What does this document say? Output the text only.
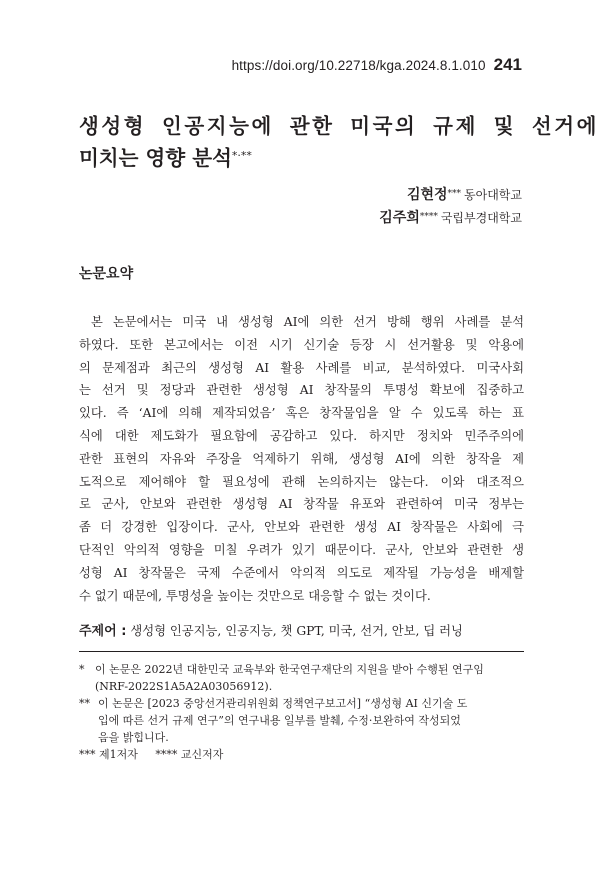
https://doi.org/10.22718/kga.2024.8.1.010 241
생성형 인공지능에 관한 미국의 규제 및 선거에
미치는 영향 분석*·**
김현정*** 동아대학교
김주희**** 국립부경대학교
논문요약
본 논문에서는 미국 내 생성형 AI에 의한 선거 방해 행위 사례를 분석
하였다. 또한 본고에서는 이전 시기 신기술 등장 시 선거활용 및 악용에
의 문제점과 최근의 생성형 AI 활용 사례를 비교, 분석하였다. 미국사회
는 선거 및 정당과 관련한 생성형 AI 창작물의 투명성 확보에 집중하고
있다. 즉 ‘AI에 의해 제작되었음’ 혹은 창작물임을 알 수 있도록 하는 표
식에 대한 제도화가 필요함에 공감하고 있다. 하지만 정치와 민주주의에
관한 표현의 자유와 주장을 억제하기 위해, 생성형 AI에 의한 창작을 제
도적으로 제어해야 할 필요성에 관해 논의하지는 않는다. 이와 대조적으
로 군사, 안보와 관련한 생성형 AI 창작물 유포와 관련하여 미국 정부는
좀 더 강경한 입장이다. 군사, 안보와 관련한 생성 AI 창작물은 사회에 극
단적인 악의적 영향을 미칠 우려가 있기 때문이다. 군사, 안보와 관련한 생
성형 AI 창작물은 국제 수준에서 악의적 의도로 제작될 가능성을 배제할
수 없기 때문에, 투명성을 높이는 것만으로 대응할 수 없는 것이다.
주제어 : 생성형 인공지능, 인공지능, 챗 GPT, 미국, 선거, 안보, 딥 러닝
* 이 논문은 2022년 대한민국 교육부와 한국연구재단의 지원을 받아 수행된 연구임
(NRF-2022S1A5A2A03056912).
** 이 논문은 [2023 중앙선거관리위원회 정책연구보고서] “생성형 AI 신기술 도
입에 따른 선거 규제 연구”의 연구내용 일부를 발췌, 수정·보완하여 작성되었
음을 밝힙니다.
*** 제1저자 **** 교신저자
